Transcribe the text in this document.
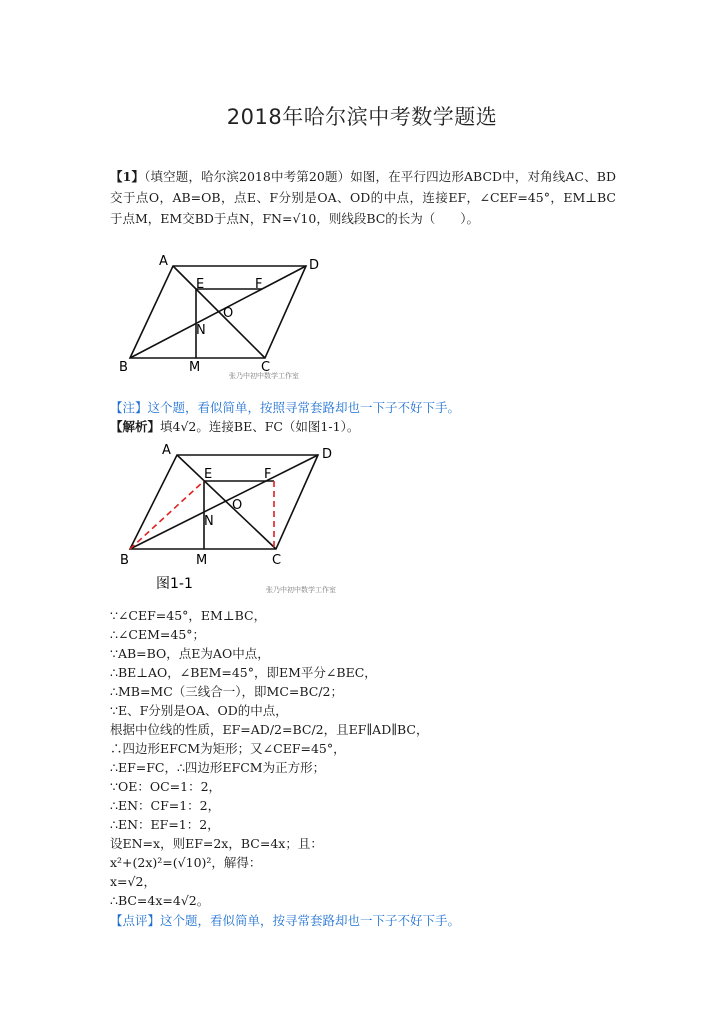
2018年哈尔滨中考数学题选
【1】（填空题，哈尔滨2018中考第20题）如图，在平行四边形ABCD中，对角线AC、BD交于点O，AB=OB，点E、F分别是OA、OD的中点，连接EF，∠CEF=45°，EM⊥BC于点M，EM交BD于点N，FN=√10，则线段BC的长为（　　）。
A	D
E	F
O
N
B	M	C
张乃中初中数学工作室
【注】这个题，看似简单，按照寻常套路却也一下子不好下手。
【解析】填4√2。连接BE、FC（如图1-1）。
A	D
E	F
O
N
B	M	C
图1-1	张乃中初中数学工作室
∵∠CEF=45°，EM⊥BC，
∴∠CEM=45°；
∵AB=BO，点E为AO中点，
∴BE⊥AO，∠BEM=45°，即EM平分∠BEC，
∴MB=MC（三线合一），即MC=BC/2；
∵E、F分别是OA、OD的中点，
根据中位线的性质，EF=AD/2=BC/2，且EF∥AD∥BC，
∴四边形EFCM为矩形；又∠CEF=45°，
∴EF=FC，∴四边形EFCM为正方形；
∵OE：OC=1：2，
∴EN：CF=1：2，
∴EN：EF=1：2，
设EN=x，则EF=2x，BC=4x；且：
x²+(2x)²=(√10)²，解得：
x=√2，
∴BC=4x=4√2。
【点评】这个题，看似简单，按寻常套路却也一下子不好下手。
